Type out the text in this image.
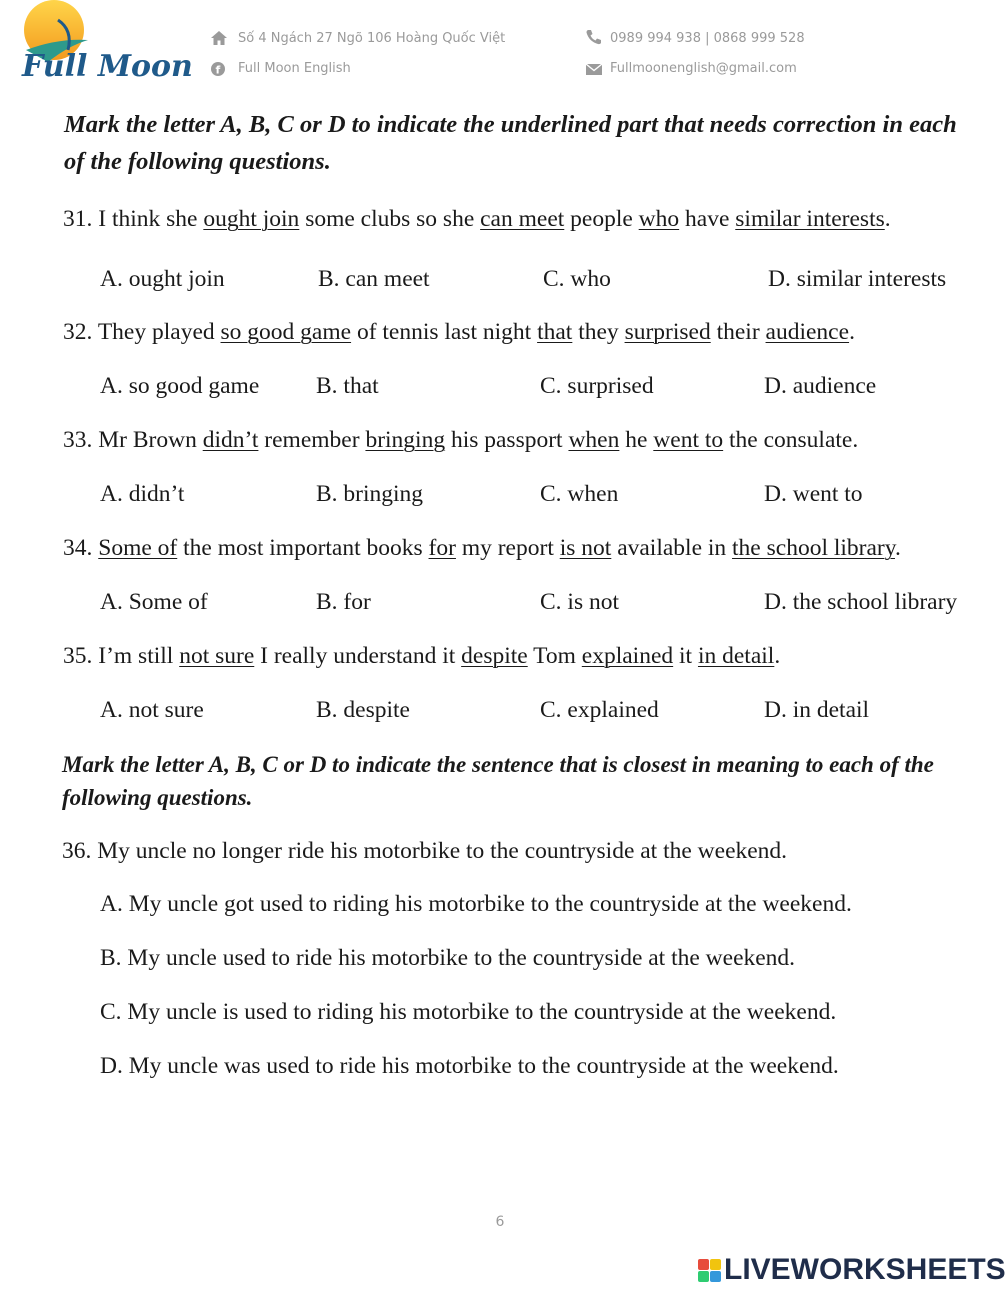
Full Moon
Số 4 Ngách 27 Ngõ 106 Hoàng Quốc Việt
f Full Moon English
0989 994 938 | 0868 999 528
Fullmoonenglish@gmail.com
Mark the letter A, B, C or D to indicate the underlined part that needs correction in each of the following questions.
31. I think she ought join some clubs so she can meet people who have similar interests.
A. ought join	B. can meet	C. who	D. similar interests
32. They played so good game of tennis last night that they surprised their audience.
A. so good game B. that	C. surprised	D. audience
33. Mr Brown didn’t remember bringing his passport when he went to the consulate.
A. didn’t	B. bringing	C. when	D. went to
34. Some of the most important books for my report is not available in the school library.
A. Some of	B. for	C. is not	D. the school library
35. I’m still not sure I really understand it despite Tom explained it in detail.
A. not sure	B. despite	C. explained	D. in detail
Mark the letter A, B, C or D to indicate the sentence that is closest in meaning to each of the following questions.
36. My uncle no longer ride his motorbike to the countryside at the weekend.
A. My uncle got used to riding his motorbike to the countryside at the weekend.
B. My uncle used to ride his motorbike to the countryside at the weekend.
C. My uncle is used to riding his motorbike to the countryside at the weekend.
D. My uncle was used to ride his motorbike to the countryside at the weekend.
6
LIVEWORKSHEETS
